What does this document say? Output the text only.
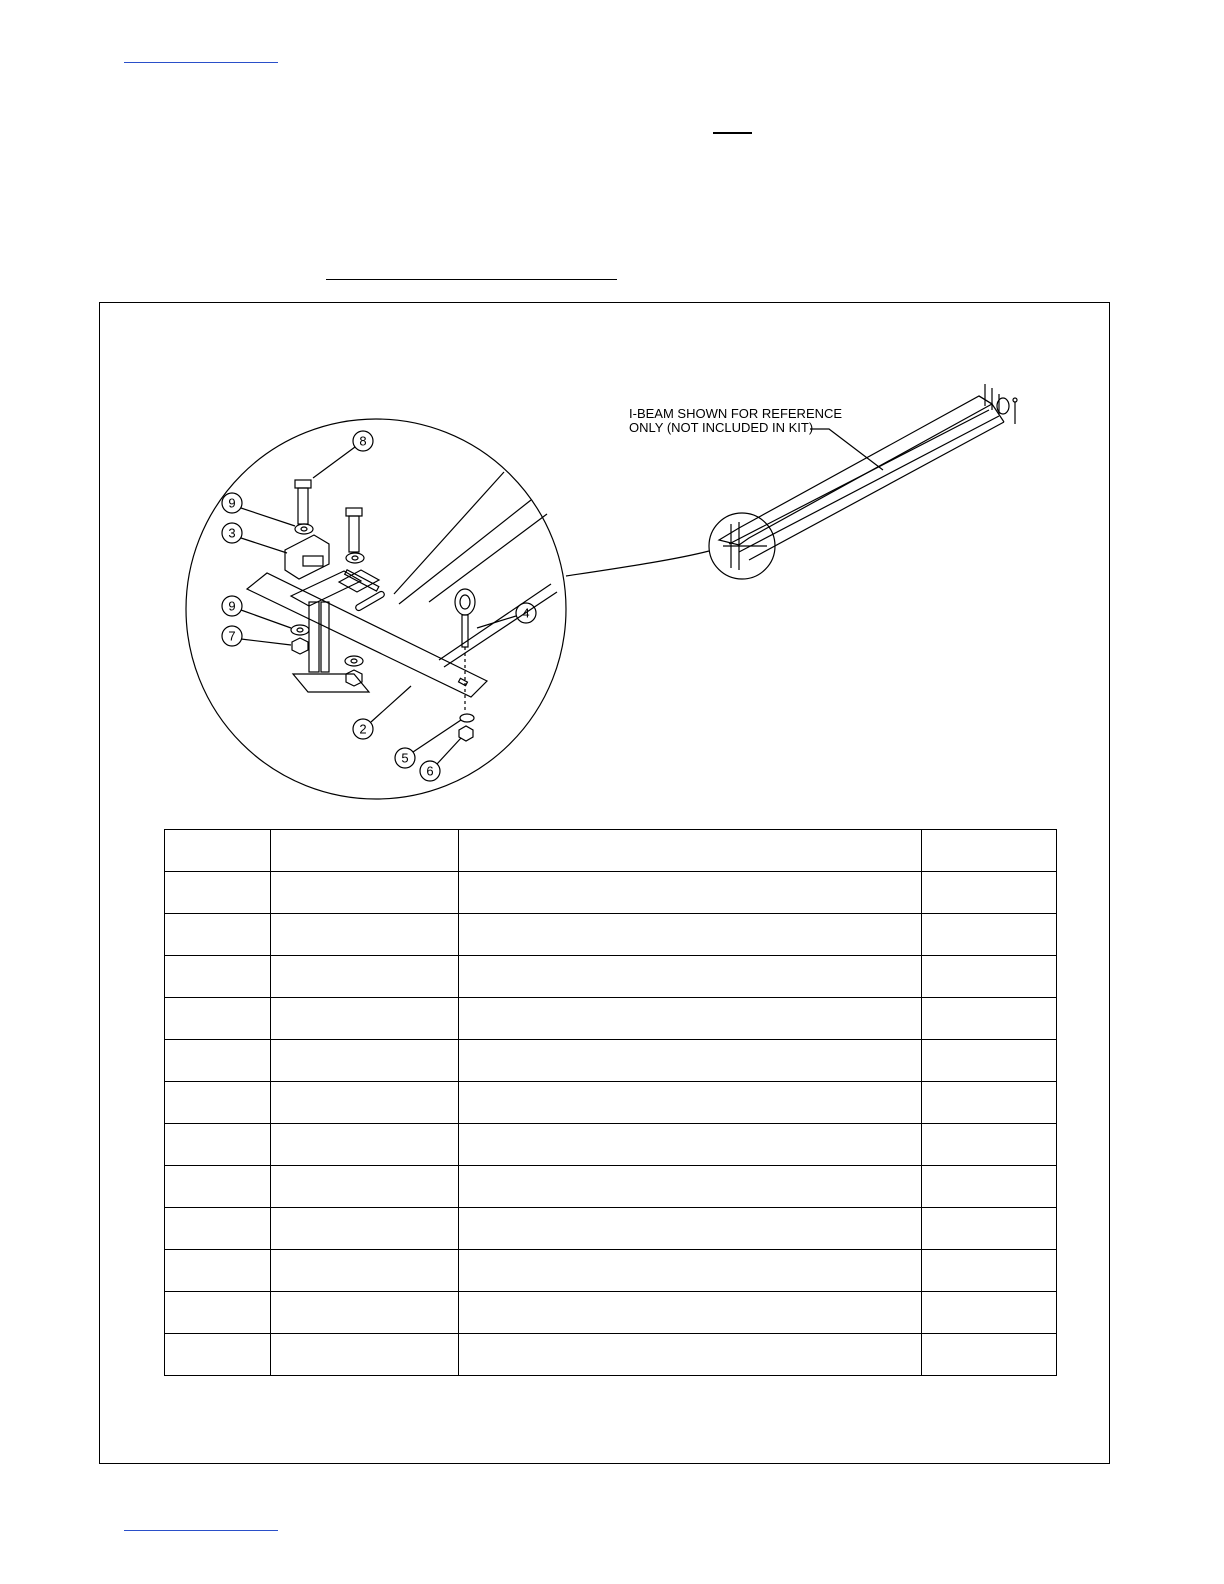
8
9
3
9
7
2
4
5
6
I-BEAM SHOWN FOR REFERENCE
ONLY (NOT INCLUDED IN KIT)
